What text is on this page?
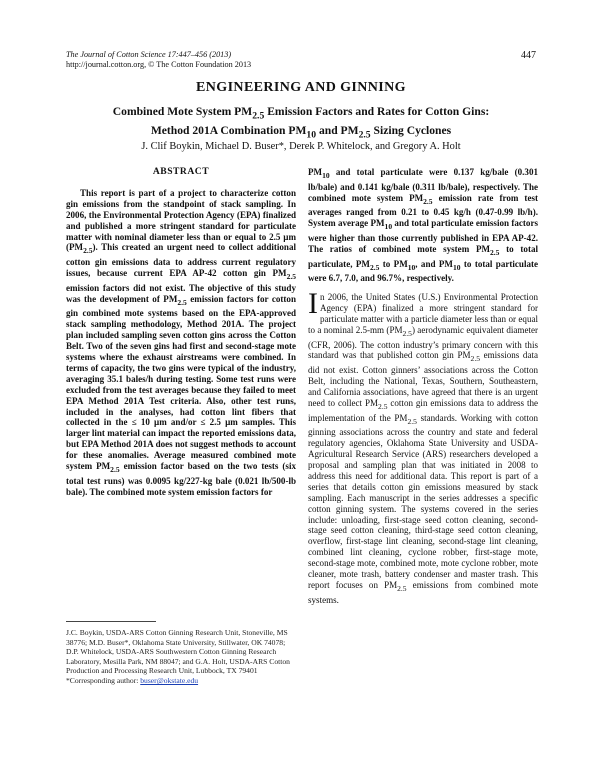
The Journal of Cotton Science 17:447–456 (2013)
http://journal.cotton.org, © The Cotton Foundation 2013
447
ENGINEERING AND GINNING
Combined Mote System $PM_{2.5}$ Emission Factors and Rates for Cotton Gins:
Method 201A Combination $PM_{10}$ and $PM_{2.5}$ Sizing Cyclones
J. Clif Boykin, Michael D. Buser*, Derek P. Whitelock, and Gregory A. Holt
ABSTRACT

This report is part of a project to characterize cotton gin emissions from the standpoint of stack sampling. In 2006, the Environmental Protection Agency (EPA) finalized and published a more stringent standard for particulate matter with nominal diameter less than or equal to 2.5 µm $(PM_{2.5})$. This created an urgent need to collect additional cotton gin emissions data to address current regulatory issues, because current EPA AP-42 cotton gin $PM_{2.5}$ emission factors did not exist. The objective of this study was the development of $PM_{2.5}$ emission factors for cotton gin combined mote systems based on the EPA-approved stack sampling methodology, Method 201A. The project plan included sampling seven cotton gins across the Cotton Belt. Two of the seven gins had first and second-stage mote systems where the exhaust airstreams were combined. In terms of capacity, the two gins were typical of the industry, averaging 35.1 bales/h during testing. Some test runs were excluded from the test averages because they failed to meet EPA Method 201A Test criteria. Also, other test runs, included in the analyses, had cotton lint fibers that collected in the ≤ 10 µm and/or ≤ 2.5 µm samples. This larger lint material can impact the reported emissions data, but EPA Method 201A does not suggest methods to account for these anomalies. Average measured combined mote system $PM_{2.5}$ emission factor based on the two tests (six total test runs) was 0.0095 kg/227-kg bale (0.021 lb/500-lb bale). The combined mote system emission factors for

$PM_{10}$ and total particulate were 0.137 kg/bale (0.301 lb/bale) and 0.141 kg/bale (0.311 lb/bale), respectively. The combined mote system $PM_{2.5}$ emission rate from test averages ranged from 0.21 to 0.45 kg/h (0.47-0.99 lb/h). System average $PM_{10}$ and total particulate emission factors were higher than those currently published in EPA AP-42. The ratios of combined mote system $PM_{2.5}$ to total particulate, $PM_{2.5}$ to $PM_{10}$, and $PM_{10}$ to total particulate were 6.7, 7.0, and 96.7%, respectively.

In 2006, the United States (U.S.) Environmental Protection Agency (EPA) finalized a more stringent standard for particulate matter with a particle diameter less than or equal to a nominal 2.5-mm $(PM_{2.5})$ aerodynamic equivalent diameter (CFR, 2006). The cotton industry’s primary concern with this standard was that published cotton gin $PM_{2.5}$ emissions data did not exist. Cotton ginners’ associations across the Cotton Belt, including the National, Texas, Southern, Southeastern, and California associations, have agreed that there is an urgent need to collect $PM_{2.5}$ cotton gin emissions data to address the implementation of the $PM_{2.5}$ standards. Working with cotton ginning associations across the country and state and federal regulatory agencies, Oklahoma State University and USDA-Agricultural Research Service (ARS) researchers developed a proposal and sampling plan that was initiated in 2008 to address this need for additional data. This report is part of a series that details cotton gin emissions measured by stack sampling. Each manuscript in the series addresses a specific cotton ginning system. The systems covered in the series include: unloading, first-stage seed cotton cleaning, second-stage seed cotton cleaning, third-stage seed cotton cleaning, overflow, first-stage lint cleaning, second-stage lint cleaning, combined lint cleaning, cyclone robber, first-stage mote, second-stage mote, combined mote, mote cyclone robber, mote cleaner, mote trash, battery condenser and master trash. This report focuses on $PM_{2.5}$ emissions from combined mote systems.

J.C. Boykin, USDA-ARS Cotton Ginning Research Unit, Stoneville, MS 38776; M.D. Buser*, Oklahoma State University, Stillwater, OK 74078; D.P. Whitelock, USDA-ARS Southwestern Cotton Ginning Research Laboratory, Mesilla Park, NM 88047; and G.A. Holt, USDA-ARS Cotton Production and Processing Research Unit, Lubbock, TX 79401

*Corresponding author: buser@okstate.edu
